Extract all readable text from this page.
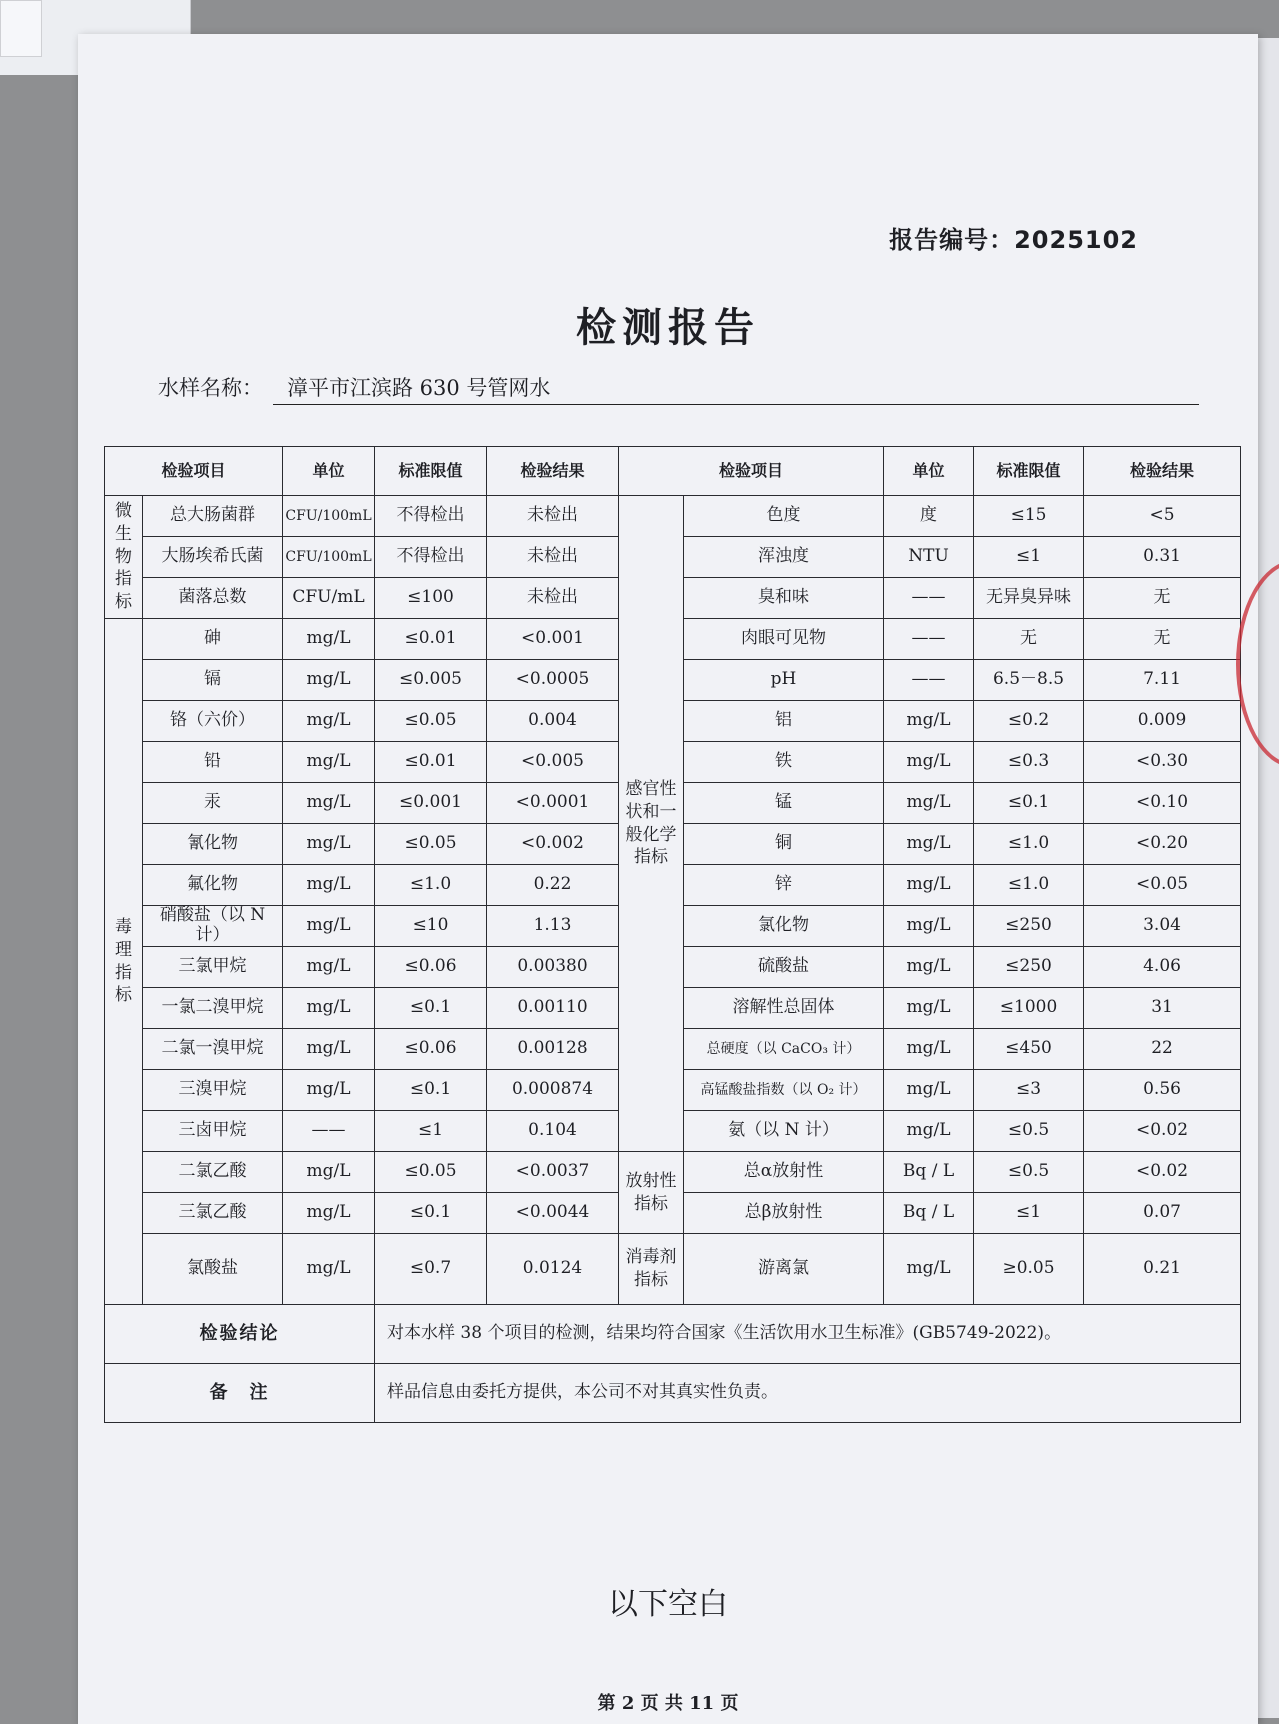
报告编号：2025102
检测报告
水样名称：	漳平市江滨路 630 号管网水
检验项目		单位	标准限值	检验结果	检验项目		单位	标准限值	检验结果
微生物指标	总大肠菌群	CFU/100mL	不得检出	未检出	感官性状和一般化学指标	色度	度	≤15	<5
	大肠埃希氏菌	CFU/100mL	不得检出	未检出		浑浊度	NTU	≤1	0.31
	菌落总数	CFU/mL	≤100	未检出		臭和味	——	无异臭异味	无
毒理指标	砷	mg/L	≤0.01	<0.001		肉眼可见物	——	无	无
	镉	mg/L	≤0.005	<0.0005		pH	——	6.5－8.5	7.11
	铬（六价）	mg/L	≤0.05	0.004		铝	mg/L	≤0.2	0.009
	铅	mg/L	≤0.01	<0.005		铁	mg/L	≤0.3	<0.30
	汞	mg/L	≤0.001	<0.0001		锰	mg/L	≤0.1	<0.10
	氰化物	mg/L	≤0.05	<0.002		铜	mg/L	≤1.0	<0.20
	氟化物	mg/L	≤1.0	0.22		锌	mg/L	≤1.0	<0.05
	硝酸盐（以 N 计）	mg/L	≤10	1.13		氯化物	mg/L	≤250	3.04
	三氯甲烷	mg/L	≤0.06	0.00380		硫酸盐	mg/L	≤250	4.06
	一氯二溴甲烷	mg/L	≤0.1	0.00110		溶解性总固体	mg/L	≤1000	31
	二氯一溴甲烷	mg/L	≤0.06	0.00128		总硬度（以 CaCO₃ 计）	mg/L	≤450	22
	三溴甲烷	mg/L	≤0.1	0.000874		高锰酸盐指数（以 O₂ 计）	mg/L	≤3	0.56
	三卤甲烷	——	≤1	0.104		氨（以 N 计）	mg/L	≤0.5	<0.02
	二氯乙酸	mg/L	≤0.05	<0.0037	放射性指标	总α放射性	Bq / L	≤0.5	<0.02
	三氯乙酸	mg/L	≤0.1	<0.0044		总β放射性	Bq / L	≤1	0.07
	氯酸盐	mg/L	≤0.7	0.0124	消毒剂指标	游离氯	mg/L	≥0.05	0.21
检验结论			对本水样 38 个项目的检测，结果均符合国家《生活饮用水卫生标准》(GB5749-2022)。						
备　注			样品信息由委托方提供，本公司不对其真实性负责。						
以下空白
第 2 页 共 11 页
